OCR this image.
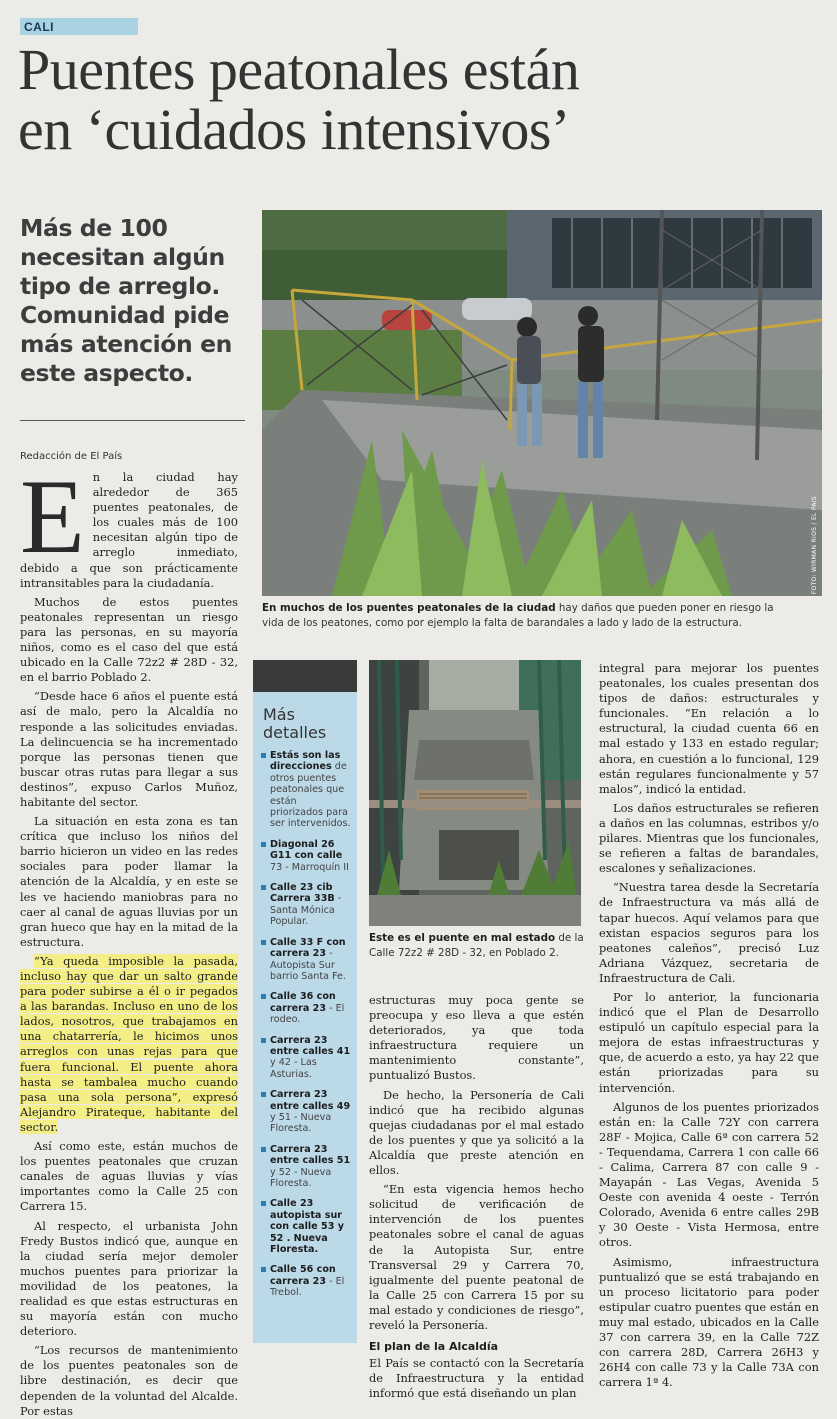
CALI
Puentes peatonales están
en ‘cuidados intensivos’
Más de 100 necesitan algún tipo de arreglo. Comunidad pide más atención en este aspecto.
Redacción de El País
FOTO: WIRMAN RÍOS / EL PAÍS
En muchos de los puentes peatonales de la ciudad hay daños que pueden poner en riesgo la vida de los peatones, como por ejemplo la falta de barandales a lado y lado de la estructura.
E n la ciudad hay alrededor de 365 puentes peatonales, de los cuales más de 100 necesitan algún tipo de arreglo inmediato, debido a que son prácticamente intransitables para la ciudadanía.

Muchos de estos puentes peatonales representan un riesgo para las personas, en su mayoría niños, como es el caso del que está ubicado en la Calle 72z2 # 28D - 32, en el barrio Poblado 2.

“Desde hace 6 años el puente está así de malo, pero la Alcaldía no responde a las solicitudes enviadas. La delincuencia se ha incrementado porque las personas tienen que buscar otras rutas para llegar a sus destinos”, expuso Carlos Muñoz, habitante del sector.

La situación en esta zona es tan crítica que incluso los niños del barrio hicieron un video en las redes sociales para poder llamar la atención de la Alcaldía, y en este se les ve haciendo maniobras para no caer al canal de aguas lluvias por un gran hueco que hay en la mitad de la estructura.

“Ya queda imposible la pasada, incluso hay que dar un salto grande para poder subirse a él o ir pegados a las barandas. Incluso en uno de los lados, nosotros, que trabajamos en una chatarrería, le hicimos unos arreglos con unas rejas para que fuera funcional. El puente ahora hasta se tambalea mucho cuando pasa una sola persona”, expresó Alejandro Pirateque, habitante del sector.

Así como este, están muchos de los puentes peatonales que cruzan canales de aguas lluvias y vías importantes como la Calle 25 con Carrera 15.

Al respecto, el urbanista John Fredy Bustos indicó que, aunque en la ciudad sería mejor demoler muchos puentes para priorizar la movilidad de los peatones, la realidad es que estas estructuras en su mayoría están con mucho deterioro.

“Los recursos de mantenimiento de los puentes peatonales son de libre destinación, es decir que dependen de la voluntad del Alcalde. Por estas

Más detalles
Estás son las direcciones de otros puentes peatonales que están priorizados para ser intervenidos.
Diagonal 26 G11 con calle 73 - Marroquín II
Calle 23 cib Carrera 33B - Santa Mónica Popular.
Calle 33 F con carrera 23 - Autopista Sur barrio Santa Fe.
Calle 36 con carrera 23 - El rodeo.
Carrera 23 entre calles 41 y 42 - Las Asturias.
Carrera 23 entre calles 49 y 51 - Nueva Floresta.
Carrera 23 entre calles 51 y 52 - Nueva Floresta.
Calle 23 autopista sur con calle 53 y 52 . Nueva Floresta.
Calle 56 con carrera 23 - El Trebol.
Este es el puente en mal estado de la Calle 72z2 # 28D - 32, en Poblado 2.

estructuras muy poca gente se preocupa y eso lleva a que estén deteriorados, ya que toda infraestructura requiere un mantenimiento constante”, puntualizó Bustos.

De hecho, la Personería de Cali indicó que ha recibido algunas quejas ciudadanas por el mal estado de los puentes y que ya solicitó a la Alcaldía que preste atención en ellos.

“En esta vigencia hemos hecho solicitud de verificación de intervención de los puentes peatonales sobre el canal de aguas de la Autopista Sur, entre Transversal 29 y Carrera 70, igualmente del puente peatonal de la Calle 25 con Carrera 15 por su mal estado y condiciones de riesgo”, reveló la Personería.

El plan de la Alcaldía

El País se contactó con la Secretaría de Infraestructura y la entidad informó que está diseñando un plan

integral para mejorar los puentes peatonales, los cuales presentan dos tipos de daños: estructurales y funcionales. “En relación a lo estructural, la ciudad cuenta 66 en mal estado y 133 en estado regular; ahora, en cuestión a lo funcional, 129 están regulares funcionalmente y 57 malos”, indicó la entidad.

Los daños estructurales se refieren a daños en las columnas, estribos y/o pilares. Mientras que los funcionales, se refieren a faltas de barandales, escalones y señalizaciones.

“Nuestra tarea desde la Secretaría de Infraestructura va más allá de tapar huecos. Aquí velamos para que existan espacios seguros para los peatones caleños”, precisó Luz Adriana Vázquez, secretaria de Infraestructura de Cali.

Por lo anterior, la funcionaria indicó que el Plan de Desarrollo estipuló un capítulo especial para la mejora de estas infraestructuras y que, de acuerdo a esto, ya hay 22 que están priorizadas para su intervención.

Algunos de los puentes priorizados están en: la Calle 72Y con carrera 28F - Mojica, Calle 6ª con carrera 52 - Tequendama, Carrera 1 con calle 66 - Calima, Carrera 87 con calle 9 - Mayapán - Las Vegas, Avenida 5 Oeste con avenida 4 oeste - Terrón Colorado, Avenida 6 entre calles 29B y 30 Oeste - Vista Hermosa, entre otros.

Asimismo, infraestructura puntualizó que se está trabajando en un proceso licitatorio para poder estipular cuatro puentes que están en muy mal estado, ubicados en la Calle 37 con carrera 39, en la Calle 72Z con carrera 28D, Carrera 26H3 y 26H4 con calle 73 y la Calle 73A con carrera 1ª 4.
